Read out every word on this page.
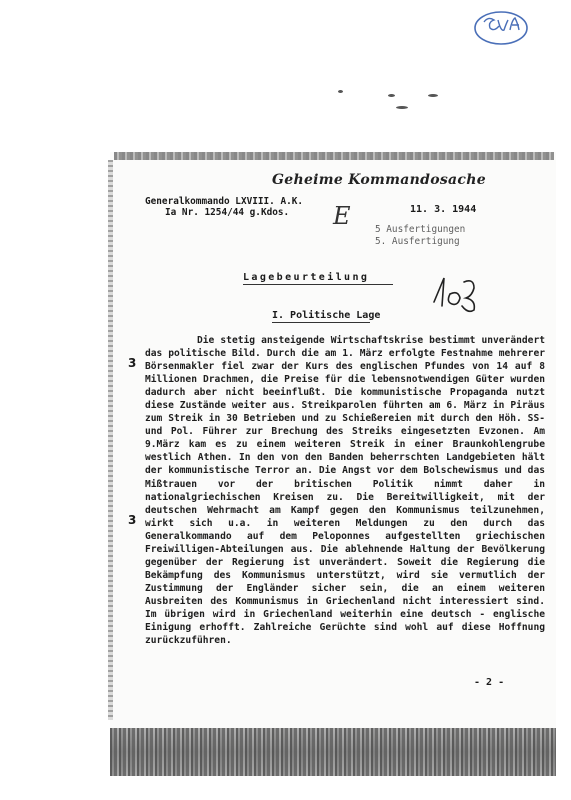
Geheime Kommandosache
Generalkommando LXVIII. A.K.
Ia Nr. 1254/44 g.Kdos. E	11. 3. 1944
5 Ausfertigungen
5. Ausfertigung
Lagebeurteilung
I. Politische Lage
3
3
Die stetig ansteigende Wirtschaftskrise bestimmt unverändert das politische Bild. Durch die am 1. März erfolgte Festnahme mehrerer Börsenmakler fiel zwar der Kurs des englischen Pfundes von 14 auf 8 Millionen Drachmen, die Preise für die lebensnotwendigen Güter wurden dadurch aber nicht beeinflußt. Die kommunistische Propaganda nutzt diese Zustände weiter aus. Streikparolen führten am 6. März in Piräus zum Streik in 30 Betrieben und zu Schießereien mit durch den Höh. SS- und Pol. Führer zur Brechung des Streiks eingesetzten Evzonen. Am 9.März kam es zu einem weiteren Streik in einer Braunkohlengrube westlich Athen. In den von den Banden beherrschten Landgebieten hält der kommunistische Terror an. Die Angst vor dem Bolschewismus und das Mißtrauen vor der britischen Politik nimmt daher in nationalgriechischen Kreisen zu. Die Bereitwilligkeit, mit der deutschen Wehrmacht am Kampf gegen den Kommunismus teilzunehmen, wirkt sich u.a. in weiteren Meldungen zu den durch das Generalkommando auf dem Peloponnes aufgestellten griechischen Freiwilligen-Abteilungen aus. Die ablehnende Haltung der Bevölkerung gegenüber der Regierung ist unverändert. Soweit die Regierung die Bekämpfung des Kommunismus unterstützt, wird sie vermutlich der Zustimmung der Engländer sicher sein, die an einem weiteren Ausbreiten des Kommunismus in Griechenland nicht interessiert sind. Im übrigen wird in Griechenland weiterhin eine deutsch - englische Einigung erhofft. Zahlreiche Gerüchte sind wohl auf diese Hoffnung zurückzuführen.
- 2 -
